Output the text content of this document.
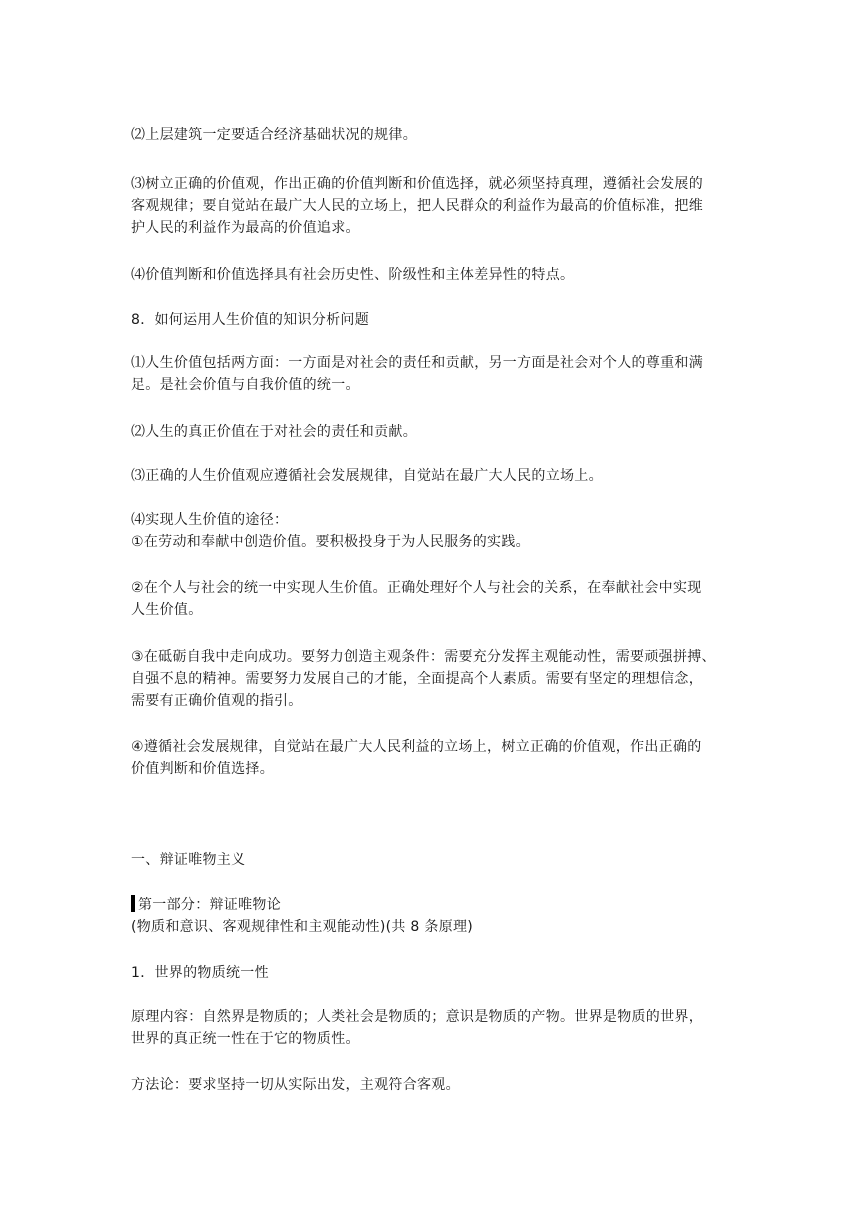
⑵上层建筑一定要适合经济基础状况的规律。

⑶树立正确的价值观，作出正确的价值判断和价值选择，就必须坚持真理，遵循社会发展的
客观规律；要自觉站在最广大人民的立场上，把人民群众的利益作为最高的价值标准，把维
护人民的利益作为最高的价值追求。

⑷价值判断和价值选择具有社会历史性、阶级性和主体差异性的特点。

8．如何运用人生价值的知识分析问题

⑴人生价值包括两方面：一方面是对社会的责任和贡献，另一方面是社会对个人的尊重和满
足。是社会价值与自我价值的统一。

⑵人生的真正价值在于对社会的责任和贡献。

⑶正确的人生价值观应遵循社会发展规律，自觉站在最广大人民的立场上。

⑷实现人生价值的途径：
①在劳动和奉献中创造价值。要积极投身于为人民服务的实践。

②在个人与社会的统一中实现人生价值。正确处理好个人与社会的关系，在奉献社会中实现
人生价值。

③在砥砺自我中走向成功。要努力创造主观条件：需要充分发挥主观能动性，需要顽强拼搏、
自强不息的精神。需要努力发展自己的才能，全面提高个人素质。需要有坚定的理想信念，
需要有正确价值观的指引。

④遵循社会发展规律，自觉站在最广大人民利益的立场上，树立正确的价值观，作出正确的
价值判断和价值选择。

一、辩证唯物主义

第一部分：辩证唯物论
(物质和意识、客观规律性和主观能动性)(共 8 条原理)

1．世界的物质统一性

原理内容：自然界是物质的；人类社会是物质的；意识是物质的产物。世界是物质的世界，
世界的真正统一性在于它的物质性。

方法论：要求坚持一切从实际出发，主观符合客观。
